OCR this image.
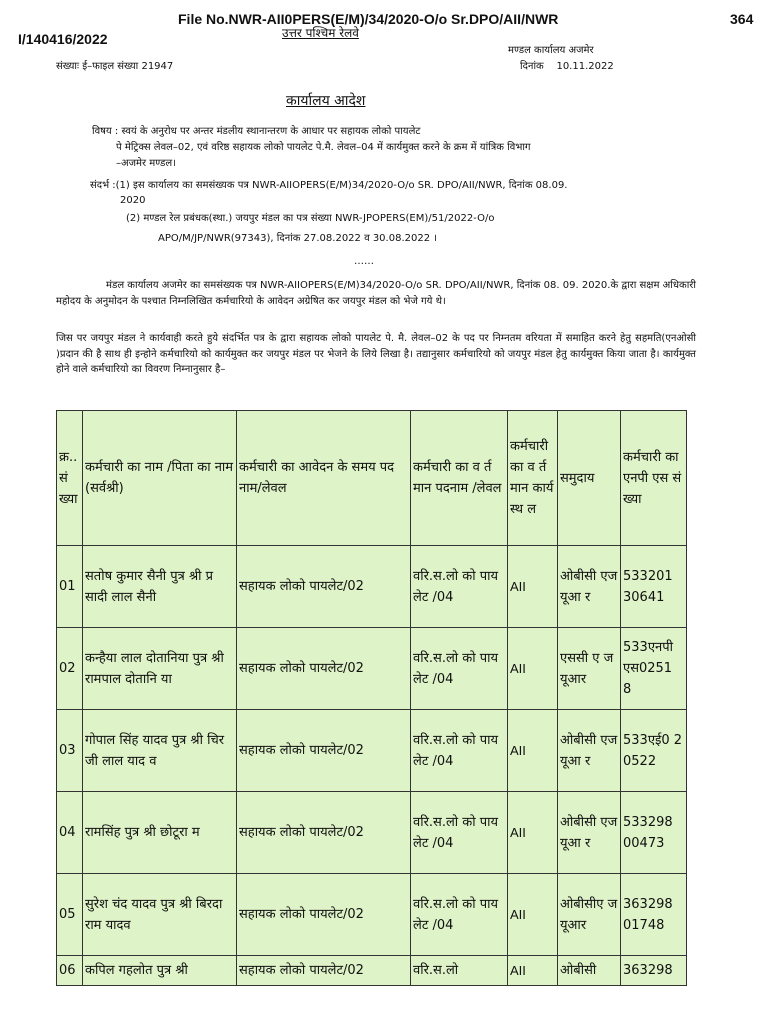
File No.NWR-AII0PERS(E/M)/34/2020-O/o Sr.DPO/AII/NWR	364
I/140416/2022	उत्तर पश्चिम रेलवे
मण्डल कार्यालय अजमेर
संख्याः ई–फाइल संख्या 21947	दिनांक 10.11.2022
कार्यालय आदेश
विषय : स्वयं के अनुरोध पर अन्तर मंडलीय स्थानान्तरण के आधार पर सहायक लोको पायलेट
पे मेट्रिक्स लेवल–02, एवं वरिष्ठ सहायक लोको पायलेट पे.मै. लेवल–04 में कार्यमुक्त करने के क्रम में यांत्रिक विभाग
–अजमेर मण्डल।
संदर्भ :(1) इस कार्यालय का समसंख्यक पत्र NWR-AIIOPERS(E/M)34/2020-O/o SR. DPO/AII/NWR, दिनांक 08.09.
2020
(2) मण्डल रेल प्रबंधक(स्था.) जयपुर मंडल का पत्र संख्या NWR-JPOPERS(EM)/51/2022-O/o
APO/M/JP/NWR(97343), दिनांक 27.08.2022 व 30.08.2022 ।
……
मंडल कार्यालय अजमेर का समसंख्यक पत्र NWR-AIIOPERS(E/M)34/2020-O/o SR. DPO/AII/NWR, दिनांक 08. 09. 2020.के द्वारा सक्षम अधिकारी महोदय के अनुमोदन के पश्चात निम्नलिखित कर्मचारियो के आवेदन अग्रेषित कर जयपुर मंडल को भेजे गये थे।
जिस पर जयपुर मंडल ने कार्यवाही करते हुये संदर्भित पत्र के द्वारा सहायक लोको पायलेट पे. मै. लेवल–02 के पद पर निम्नतम वरियता में समाहित करने हेतु सहमति(एनओसी )प्रदान की है साथ ही इन्होने कर्मचारियो को कार्यमुक्त कर जयपुर मंडल पर भेजने के लिये लिखा है। तद्यानुसार कर्मचारियो को जयपुर मंडल हेतु कार्यमुक्त किया जाता है। कार्यमुक्त होने वाले कर्मचारियो का विवरण निम्नानुसार है–
क्र.. सं ख्या	कर्मचारी का नाम /पिता का नाम (सर्वश्री)	कर्मचारी का आवेदन के समय पदनाम/लेवल	कर्मचारी का व र्तमान पदनाम /लेवल	कर्मचारी का व र्तमान कार्यस्थ ल	समुदाय	कर्मचारी का एनपी एस सं ख्या
01	सतोष कुमार सैनी पुत्र श्री प्रसादी लाल सैनी	सहायक लोको पायलेट/02	वरि.स.लो को पायलेट /04	AII	ओबीसी एज यूआ र	533201 30641
02	कन्हैया लाल दोतानिया पुत्र श्री रामपाल दोतानि या	सहायक लोको पायलेट/02	वरि.स.लो को पायलेट /04	AII	एससी ए ज यूआर	533एनपी एस0251 8
03	गोपाल सिंह यादव पुत्र श्री चिरजी लाल याद व	सहायक लोको पायलेट/02	वरि.स.लो को पायलेट /04	AII	ओबीसी एज यूआ र	533एई0 20522
04	रामसिंह पुत्र श्री छोटूरा म	सहायक लोको पायलेट/02	वरि.स.लो को पायलेट /04	AII	ओबीसी एज यूआ र	533298 00473
05	सुरेश चंद यादव पुत्र श्री बिरदा राम यादव	सहायक लोको पायलेट/02	वरि.स.लो को पायलेट /04	AII	ओबीसीए ज यूआर	363298 01748
06	कपिल गहलोत पुत्र श्री	सहायक लोको पायलेट/02	वरि.स.लो	AII	ओबीसी	363298
